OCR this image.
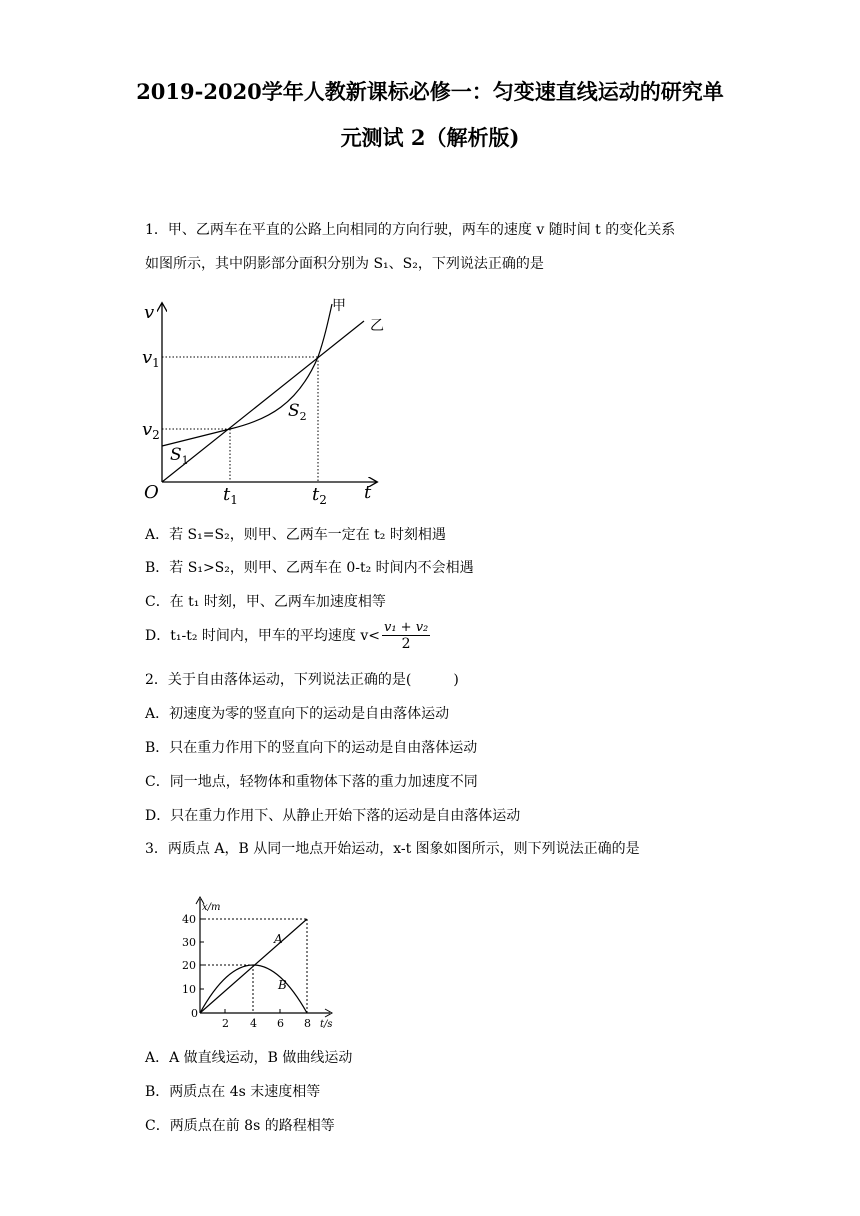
2019-2020学年人教新课标必修一：匀变速直线运动的研究单
元测试 2（解析版)
1．甲、乙两车在平直的公路上向相同的方向行驶，两车的速度 v 随时间 t 的变化关系
如图所示，其中阴影部分面积分别为 S₁、S₂，下列说法正确的是
v
t
O
$v_1$
$v_2$
$t_1$	$t_2$
$S_1$
$S_2$
甲
乙
A．若 S₁=S₂，则甲、乙两车一定在 t₂ 时刻相遇
B．若 S₁>S₂，则甲、乙两车在 0-t₂ 时间内不会相遇
C．在 t₁ 时刻，甲、乙两车加速度相等
D．t₁-t₂ 时间内，甲车的平均速度 $v< \frac{\text{v₁ + v₂}}{2}$
2．关于自由落体运动，下列说法正确的是(　　　)
A．初速度为零的竖直向下的运动是自由落体运动
B．只在重力作用下的竖直向下的运动是自由落体运动
C．同一地点，轻物体和重物体下落的重力加速度不同
D．只在重力作用下、从静止开始下落的运动是自由落体运动
3．两质点 A，B 从同一地点开始运动，x-t 图象如图所示，则下列说法正确的是
x/m
t/s
40
30
20
10
0
2 4 6 8
A
B
A．A 做直线运动，B 做曲线运动
B．两质点在 4s 末速度相等
C．两质点在前 8s 的路程相等
